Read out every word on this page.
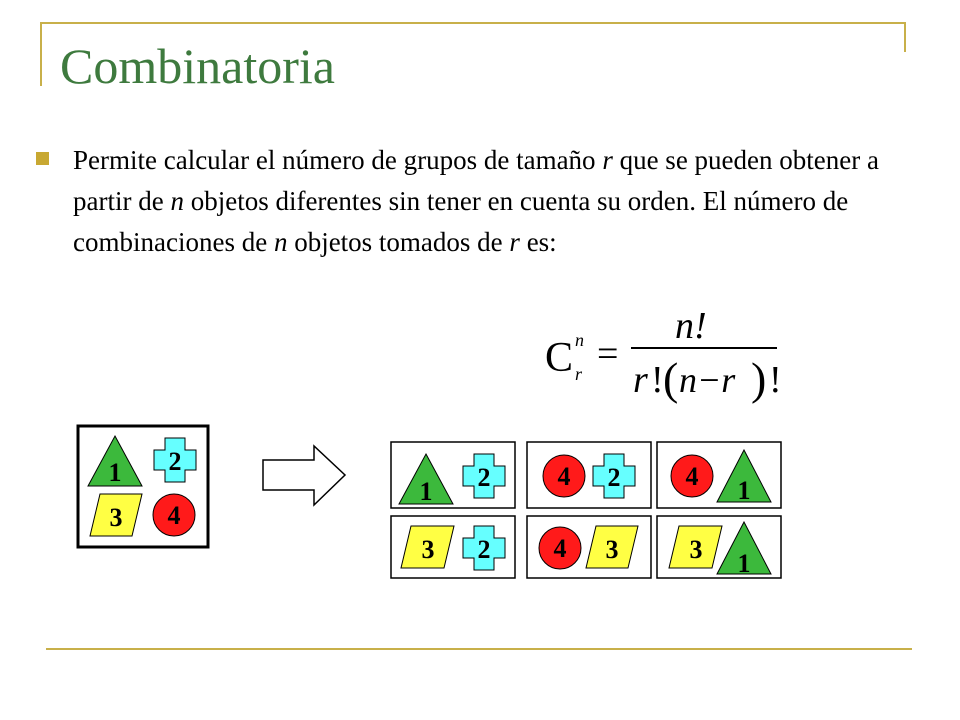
Combinatoria

Permite calcular el número de grupos de tamaño r que se pueden obtener a partir de n objetos diferentes sin tener en cuenta su orden. El número de combinaciones de n objetos tomados de r es:

C n
r =
n!
r ! ( n−r ) !
1 2
3 4
1 2	4 2	4 1
3 2 4 3	3 1
